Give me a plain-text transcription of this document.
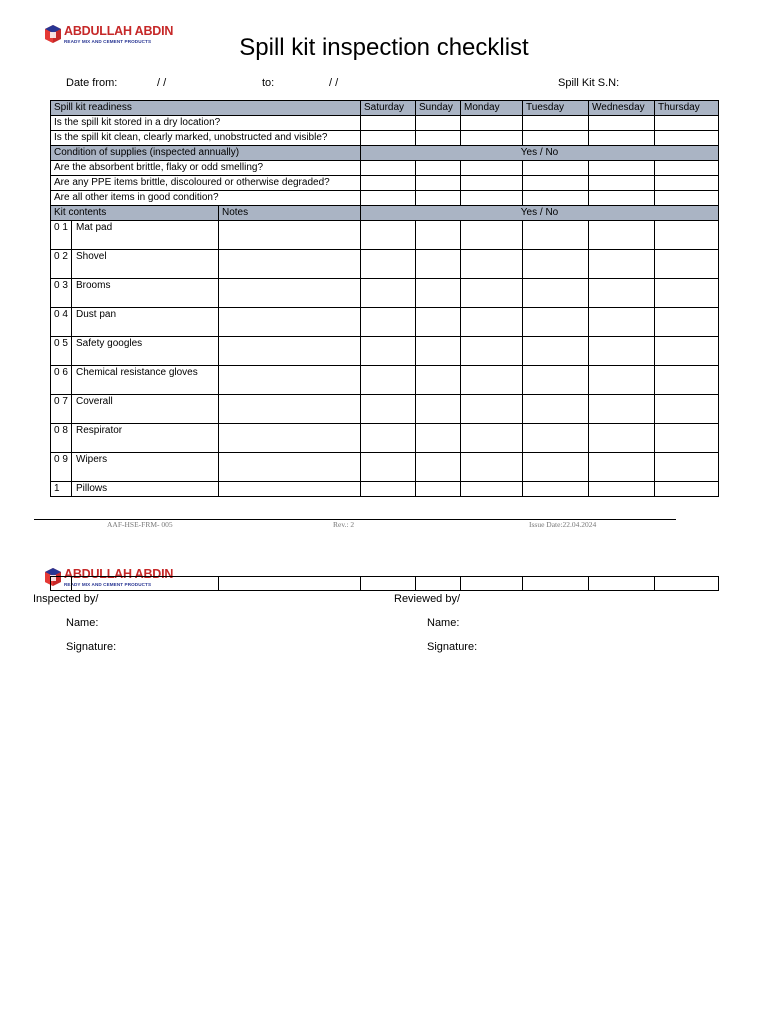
ABDULLAH ABDIN
READY MIX AND CEMENT PRODUCTS	Spill kit inspection checklist
Date from:	/ /	to:	/ /	Spill Kit S.N:
Spill kit readiness			Saturday	Sunday	Monday	Tuesday	Wednesday	Thursday
Is the spill kit stored in a dry location?								
Is the spill kit clean, clearly marked, unobstructed and visible?								
Condition of supplies (inspected annually)			Yes / No					
Are the absorbent brittle, flaky or odd smelling?								
Are any PPE items brittle, discoloured or otherwise degraded?								
Are all other items in good condition?								
Kit contents		Notes	Yes / No					
0 1	Mat pad							
0 2	Shovel							
0 3	Brooms							
0 4	Dust pan							
0 5	Safety googles							
0 6	Chemical resistance gloves							
0 7	Coverall							
0 8	Respirator							
0 9	Wipers							
1	Pillows							
AAF-HSE-FRM- 005	Rev.: 2	Issue Date:22.04.2024
ABDULLAH ABDIN
READY MIX AND CEMENT PRODUCTS

Inspected by/	Reviewed by/
Name:	Name:
Signature:	Signature:
